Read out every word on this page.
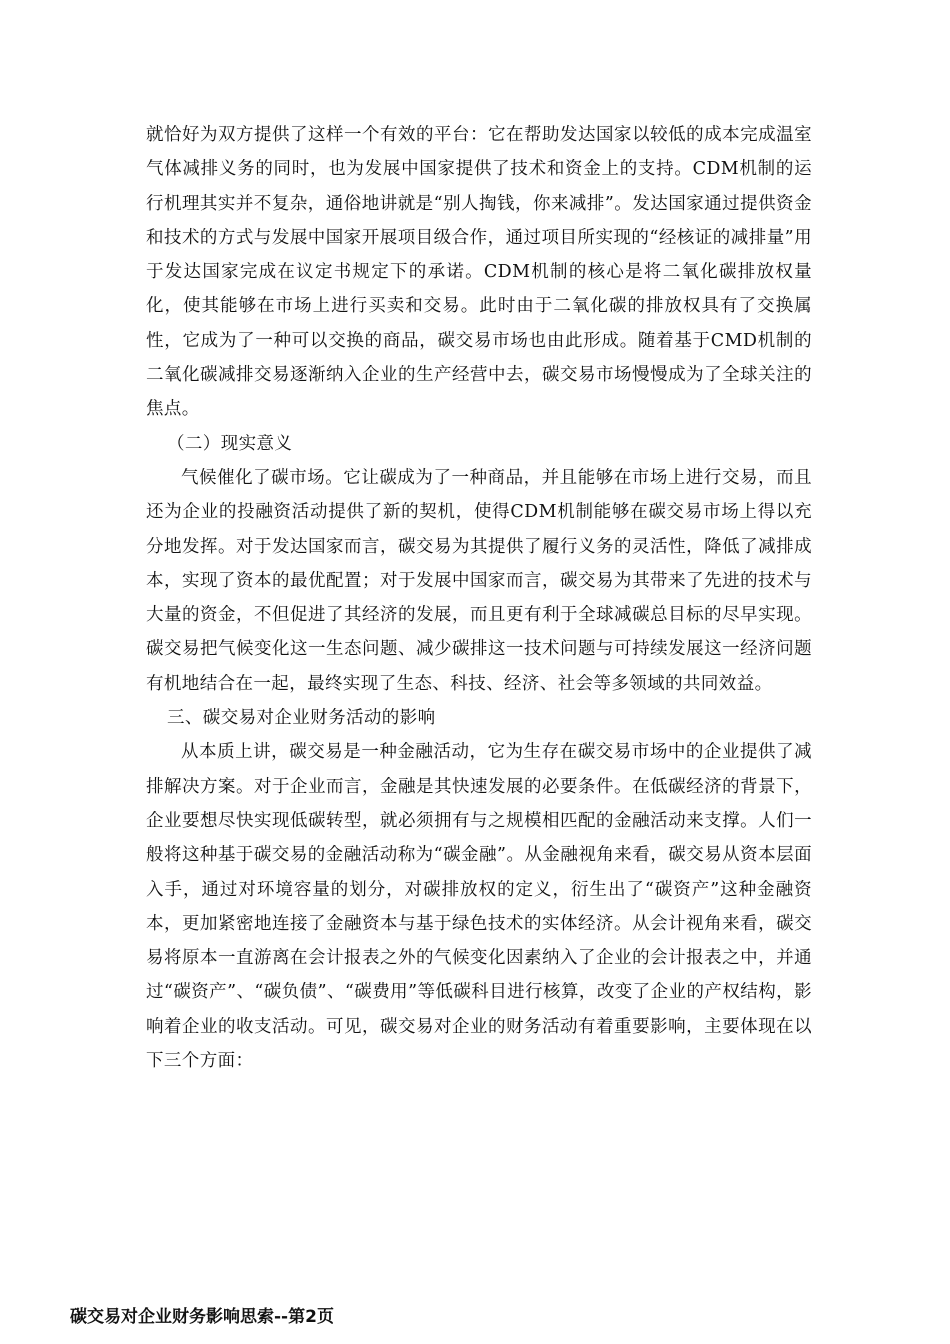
就恰好为双方提供了这样一个有效的平台：它在帮助发达国家以较低的成本完成温室气体减排义务的同时，也为发展中国家提供了技术和资金上的支持。CDM机制的运行机理其实并不复杂，通俗地讲就是“别人掏钱，你来减排”。发达国家通过提供资金和技术的方式与发展中国家开展项目级合作，通过项目所实现的“经核证的减排量”用于发达国家完成在议定书规定下的承诺。CDM机制的核心是将二氧化碳排放权量化，使其能够在市场上进行买卖和交易。此时由于二氧化碳的排放权具有了交换属性，它成为了一种可以交换的商品，碳交易市场也由此形成。随着基于CMD机制的二氧化碳减排交易逐渐纳入企业的生产经营中去，碳交易市场慢慢成为了全球关注的焦点。

（二）现实意义

气候催化了碳市场。它让碳成为了一种商品，并且能够在市场上进行交易，而且还为企业的投融资活动提供了新的契机，使得CDM机制能够在碳交易市场上得以充分地发挥。对于发达国家而言，碳交易为其提供了履行义务的灵活性，降低了减排成本，实现了资本的最优配置；对于发展中国家而言，碳交易为其带来了先进的技术与大量的资金，不但促进了其经济的发展，而且更有利于全球减碳总目标的尽早实现。碳交易把气候变化这一生态问题、减少碳排这一技术问题与可持续发展这一经济问题有机地结合在一起，最终实现了生态、科技、经济、社会等多领域的共同效益。

三、碳交易对企业财务活动的影响

从本质上讲，碳交易是一种金融活动，它为生存在碳交易市场中的企业提供了减排解决方案。对于企业而言，金融是其快速发展的必要条件。在低碳经济的背景下，企业要想尽快实现低碳转型，就必须拥有与之规模相匹配的金融活动来支撑。人们一般将这种基于碳交易的金融活动称为“碳金融”。从金融视角来看，碳交易从资本层面入手，通过对环境容量的划分，对碳排放权的定义，衍生出了“碳资产”这种金融资本，更加紧密地连接了金融资本与基于绿色技术的实体经济。从会计视角来看，碳交易将原本一直游离在会计报表之外的气候变化因素纳入了企业的会计报表之中，并通过“碳资产”、“碳负债”、“碳费用”等低碳科目进行核算，改变了企业的产权结构，影响着企业的收支活动。可见，碳交易对企业的财务活动有着重要影响，主要体现在以下三个方面：

碳交易对企业财务影响思索--第2页
